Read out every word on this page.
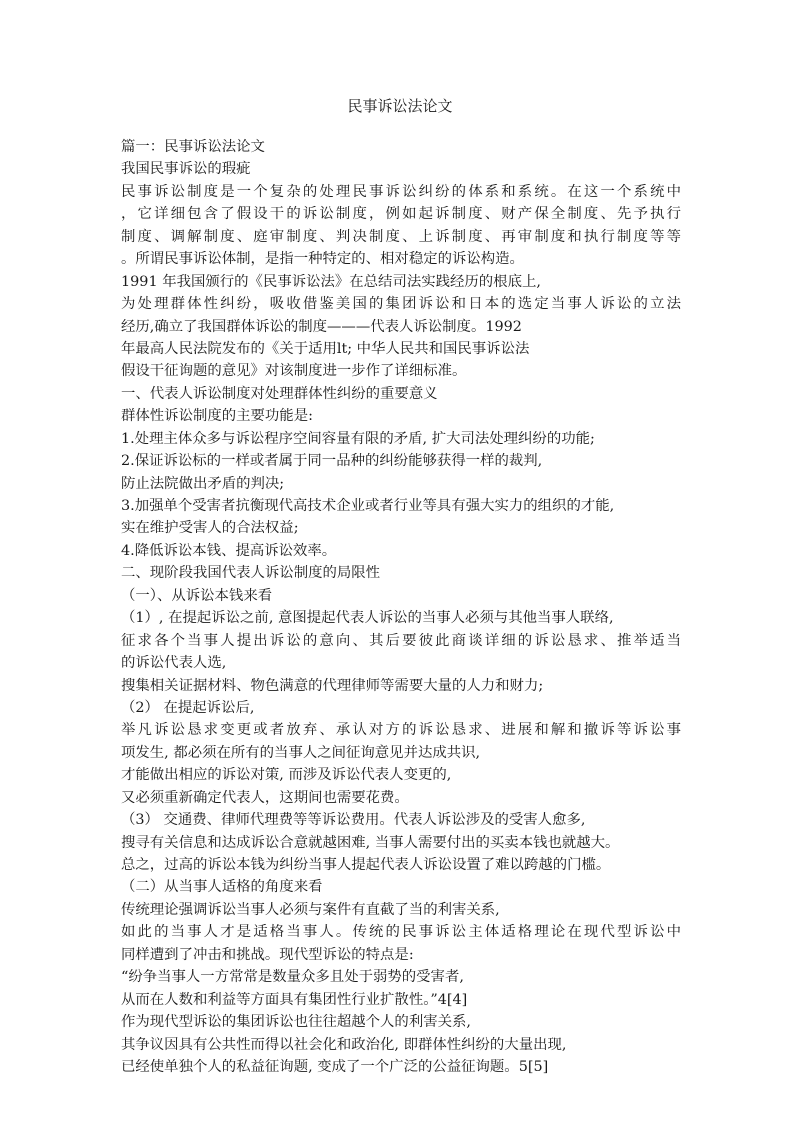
民事诉讼法论文
篇一：民事诉讼法论文
我国民事诉讼的瑕疵
民事诉讼制度是一个复杂的处理民事诉讼纠纷的体系和系统。在这一个系统中
，它详细包含了假设干的诉讼制度，例如起诉制度、财产保全制度、先予执行
制度、调解制度、庭审制度、判决制度、上诉制度、再审制度和执行制度等等
。所谓民事诉讼体制，是指一种特定的、相对稳定的诉讼构造。
1991 年我国颁行的《民事诉讼法》在总结司法实践经历的根底上,
为处理群体性纠纷，吸收借鉴美国的集团诉讼和日本的选定当事人诉讼的立法
经历,确立了我国群体诉讼的制度———代表人诉讼制度。1992
年最高人民法院发布的《关于适用lt; 中华人民共和国民事诉讼法
假设干征询题的意见》对该制度进一步作了详细标准。
一、代表人诉讼制度对处理群体性纠纷的重要意义
群体性诉讼制度的主要功能是:
1.处理主体众多与诉讼程序空间容量有限的矛盾, 扩大司法处理纠纷的功能;
2.保证诉讼标的一样或者属于同一品种的纠纷能够获得一样的裁判,
防止法院做出矛盾的判决;
3.加强单个受害者抗衡现代高技术企业或者行业等具有强大实力的组织的才能,
实在维护受害人的合法权益;
4.降低诉讼本钱、提高诉讼效率。
二、现阶段我国代表人诉讼制度的局限性
（一）、从诉讼本钱来看
（1）, 在提起诉讼之前, 意图提起代表人诉讼的当事人必须与其他当事人联络,
征求各个当事人提出诉讼的意向、其后要彼此商谈详细的诉讼恳求、推举适当
的诉讼代表人选,
搜集相关证据材料、物色满意的代理律师等需要大量的人力和财力;
（2） 在提起诉讼后,
举凡诉讼恳求变更或者放弃、承认对方的诉讼恳求、进展和解和撤诉等诉讼事
项发生, 都必须在所有的当事人之间征询意见并达成共识,
才能做出相应的诉讼对策, 而涉及诉讼代表人变更的,
又必须重新确定代表人，这期间也需要花费。
（3） 交通费、律师代理费等等诉讼费用。代表人诉讼涉及的受害人愈多,
搜寻有关信息和达成诉讼合意就越困难, 当事人需要付出的买卖本钱也就越大。
总之，过高的诉讼本钱为纠纷当事人提起代表人诉讼设置了难以跨越的门槛。
（二）从当事人适格的角度来看
传统理论强调诉讼当事人必须与案件有直截了当的利害关系,
如此的当事人才是适格当事人。传统的民事诉讼主体适格理论在现代型诉讼中
同样遭到了冲击和挑战。现代型诉讼的特点是:
“纷争当事人一方常常是数量众多且处于弱势的受害者,
从而在人数和利益等方面具有集团性行业扩散性。”4[4]
作为现代型诉讼的集团诉讼也往往超越个人的利害关系,
其争议因具有公共性而得以社会化和政治化, 即群体性纠纷的大量出现,
已经使单独个人的私益征询题, 变成了一个广泛的公益征询题。5[5]
